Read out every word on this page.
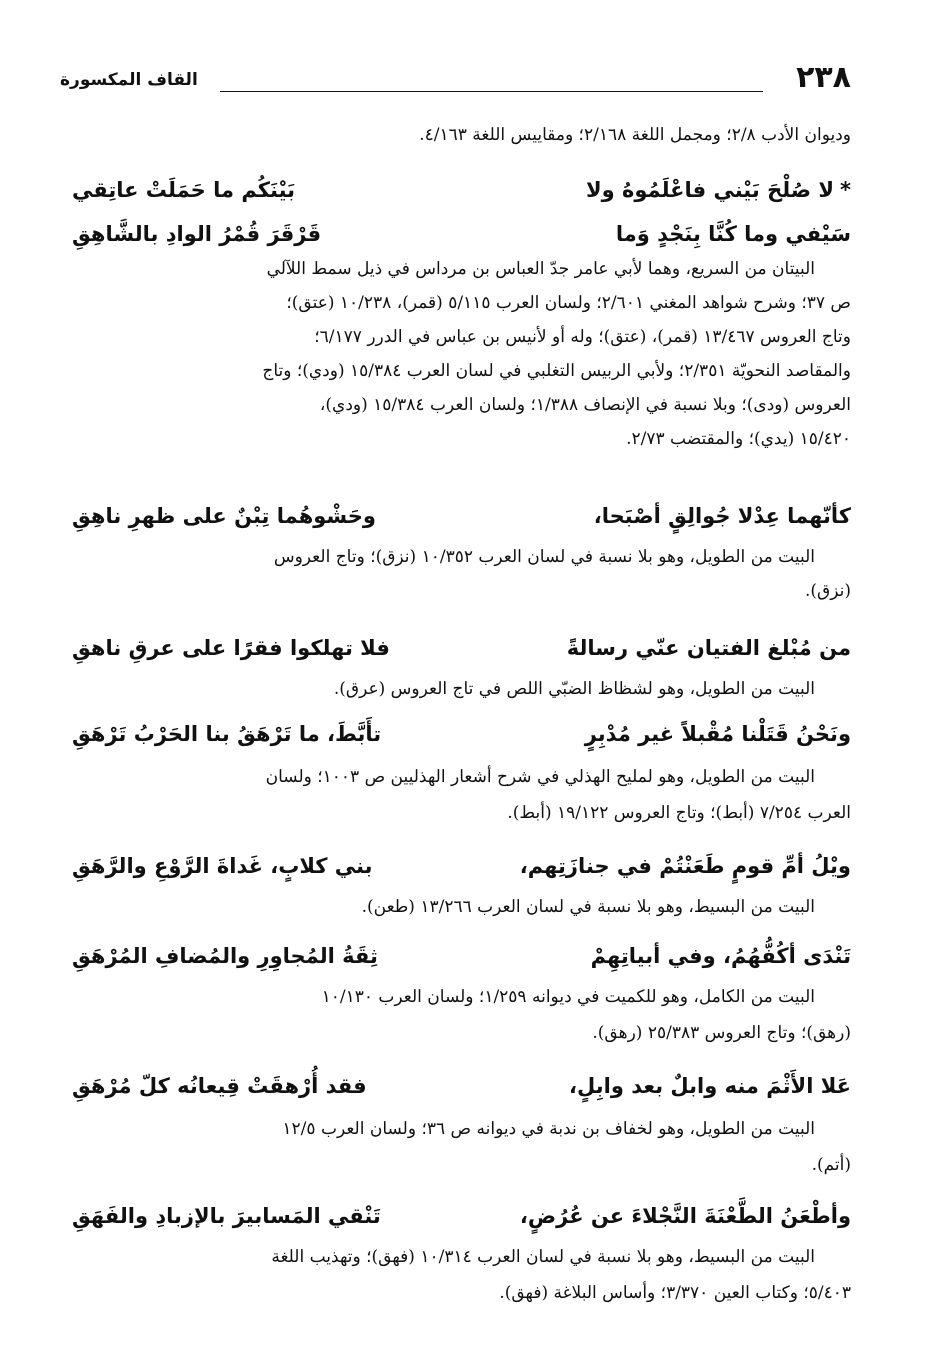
٢٣٨
القاف المكسورة
وديوان الأدب ٢/٨؛ ومجمل اللغة ٢/١٦٨؛ ومقاييس اللغة ٤/١٦٣.
*لا صُلْحَ بَيْني فاعْلَمُوهُ ولا
بَيْنَكُم ما حَمَلَتْ عاتِقي
سَيْفي وما كُنَّا بِنَجْدٍ وَما
قَرْقَرَ قُمْرُ الوادِ بالشَّاهِقِ
البيتان من السريع، وهما لأبي عامر جدّ العباس بن مرداس في ذيل سمط اللآلي
ص ٣٧؛ وشرح شواهد المغني ٢/٦٠١؛ ولسان العرب ٥/١١٥ (قمر)، ١٠/٢٣٨ (عتق)؛
وتاج العروس ١٣/٤٦٧ (قمر)، (عتق)؛ وله أو لأنيس بن عباس في الدرر ٦/١٧٧؛
والمقاصد النحويّة ٢/٣٥١؛ ولأبي الربيس التغلبي في لسان العرب ١٥/٣٨٤ (ودي)؛ وتاج
العروس (ودى)؛ وبلا نسبة في الإنصاف ١/٣٨٨؛ ولسان العرب ١٥/٣٨٤ (ودي)،
١٥/٤٢٠ (يدي)؛ والمقتضب ٢/٧٣.
كأنّهما عِدْلا جُوالِقٍ أصْبَحا،
وحَشْوهُما تِبْنٌ على ظهرِ ناهِقِ
البيت من الطويل، وهو بلا نسبة في لسان العرب ١٠/٣٥٢ (نزق)؛ وتاج العروس
(نزق).
من مُبْلغ الفتيان عنّي رسالةً
فلا تهلكوا فقرًا على عرقِ ناهقِ
البيت من الطويل، وهو لشظاظ الضبّي اللص في تاج العروس (عرق).
ونَحْنُ قَتَلْنا مُقْبلاً غير مُدْبِرٍ
تأَبَّطَ، ما تَرْهَقُ بنا الحَرْبُ تَرْهَقِ
البيت من الطويل، وهو لمليح الهذلي في شرح أشعار الهذليين ص ١٠٠٣؛ ولسان
العرب ٧/٢٥٤ (أبط)؛ وتاج العروس ١٩/١٢٢ (أبط).
ويْلُ أمِّ قومٍ طَعَنْتُمْ في جنازَتِهم،
بني كلابٍ، غَداةَ الرَّوْعِ والرَّهَقِ
البيت من البسيط، وهو بلا نسبة في لسان العرب ١٣/٢٦٦ (طعن).
تَنْدَى أكُفُّهُمُ، وفي أبياتِهِمْ
ثِقَةُ المُجاوِرِ والمُضافِ المُرْهَقِ
البيت من الكامل، وهو للكميت في ديوانه ١/٢٥٩؛ ولسان العرب ١٠/١٣٠
(رهق)؛ وتاج العروس ٢٥/٣٨٣ (رهق).
عَلا الأَثْمَ منه وابلٌ بعد وابِلٍ،
فقد أُرْهقَتْ قِيعانُه كلّ مُرْهَقِ
البيت من الطويل، وهو لخفاف بن ندبة في ديوانه ص ٣٦؛ ولسان العرب ١٢/٥
(أتم).
وأطْعَنُ الطَّعْنَةَ النَّجْلاءَ عن عُرُضٍ،
تَنْقي المَسابيرَ بالإزبادِ والفَهَقِ
البيت من البسيط، وهو بلا نسبة في لسان العرب ١٠/٣١٤ (فهق)؛ وتهذيب اللغة
٥/٤٠٣؛ وكتاب العين ٣/٣٧٠؛ وأساس البلاغة (فهق).
